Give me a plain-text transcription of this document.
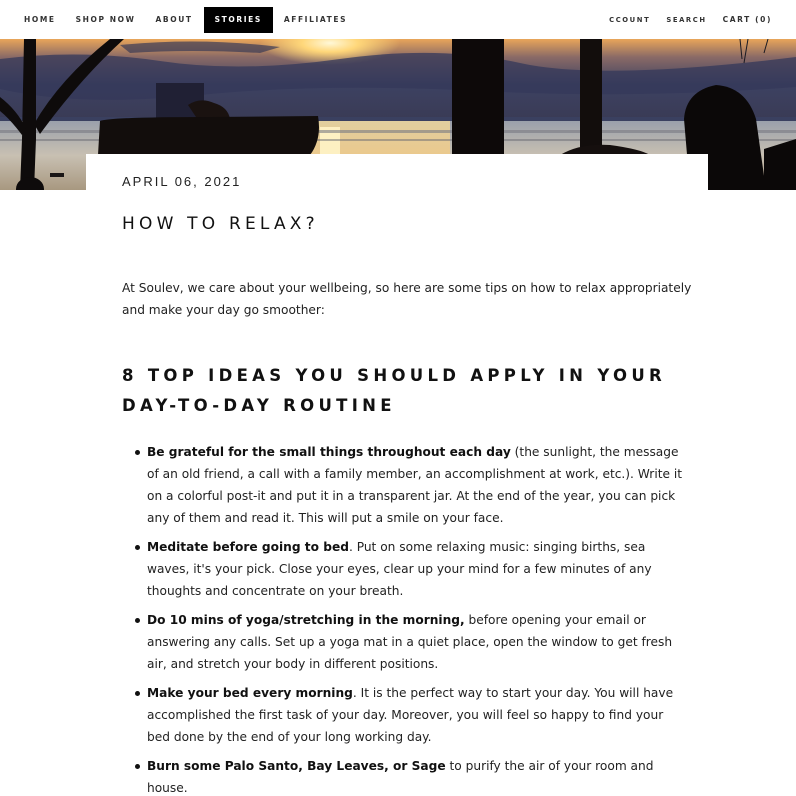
HOME	SHOP NOW	ABOUT	STORIES	AFFILIATES	CCOUNT	SEARCH	CART (0)
APRIL 06, 2021
HOW TO RELAX?

At Soulev, we care about your wellbeing, so here are some tips on how to relax appropriately and make your day go smoother:

8 TOP IDEAS YOU SHOULD APPLY IN YOUR DAY-TO-DAY ROUTINE
Be grateful for the small things throughout each day (the sunlight, the message of an old friend, a call with a family member, an accomplishment at work, etc.). Write it on a colorful post-it and put it in a transparent jar. At the end of the year, you can pick any of them and read it. This will put a smile on your face.
Meditate before going to bed. Put on some relaxing music: singing births, sea waves, it's your pick. Close your eyes, clear up your mind for a few minutes of any thoughts and concentrate on your breath.
Do 10 mins of yoga/stretching in the morning, before opening your email or answering any calls. Set up a yoga mat in a quiet place, open the window to get fresh air, and stretch your body in different positions.
Make your bed every morning. It is the perfect way to start your day. You will have accomplished the first task of your day. Moreover, you will feel so happy to find your bed done by the end of your long working day.
Burn some Palo Santo, Bay Leaves, or Sage to purify the air of your room and house.
